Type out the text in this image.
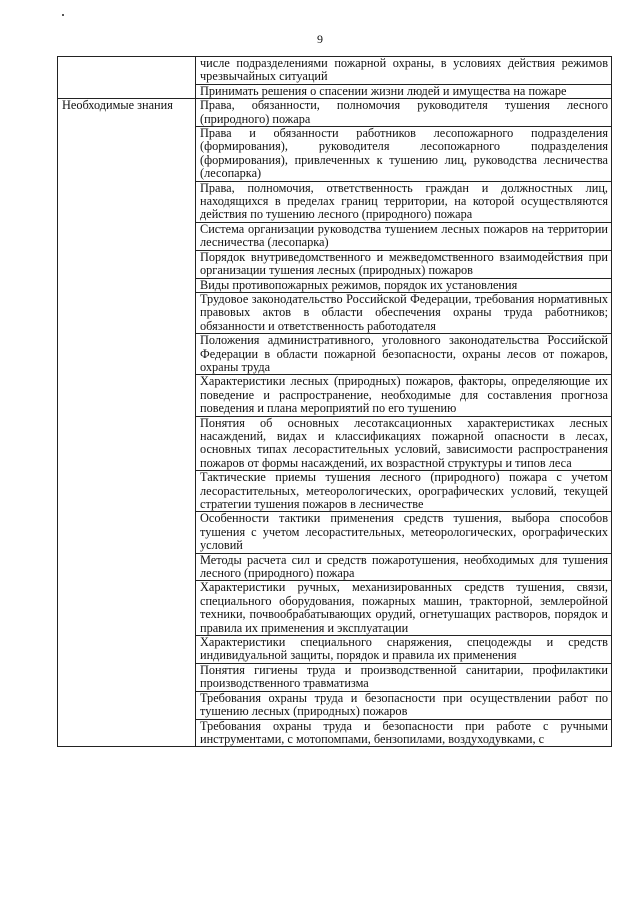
9
	числе подразделениями пожарной охраны, в условиях действия режимов чрезвычайных ситуаций
	Принимать решения о спасении жизни людей и имущества на пожаре
Необходимые знания	Права, обязанности, полномочия руководителя тушения лесного (природного) пожара
	Права и обязанности работников лесопожарного подразделения (формирования), руководителя лесопожарного подразделения (формирования), привлеченных к тушению лиц, руководства лесничества (лесопарка)
	Права, полномочия, ответственность граждан и должностных лиц, находящихся в пределах границ территории, на которой осуществляются действия по тушению лесного (природного) пожара
	Система организации руководства тушением лесных пожаров на территории лесничества (лесопарка)
	Порядок внутриведомственного и межведомственного взаимодействия при организации тушения лесных (природных) пожаров
	Виды противопожарных режимов, порядок их установления
	Трудовое законодательство Российской Федерации, требования нормативных правовых актов в области обеспечения охраны труда работников; обязанности и ответственность работодателя
	Положения административного, уголовного законодательства Российской Федерации в области пожарной безопасности, охраны лесов от пожаров, охраны труда
	Характеристики лесных (природных) пожаров, факторы, определяющие их поведение и распространение, необходимые для составления прогноза поведения и плана мероприятий по его тушению
	Понятия об основных лесотаксационных характеристиках лесных насаждений, видах и классификациях пожарной опасности в лесах, основных типах лесорастительных условий, зависимости распространения пожаров от формы насаждений, их возрастной структуры и типов леса
	Тактические приемы тушения лесного (природного) пожара с учетом лесорастительных, метеорологических, орографических условий, текущей стратегии тушения пожаров в лесничестве
	Особенности тактики применения средств тушения, выбора способов тушения с учетом лесорастительных, метеорологических, орографических условий
	Методы расчета сил и средств пожаротушения, необходимых для тушения лесного (природного) пожара
	Характеристики ручных, механизированных средств тушения, связи, специального оборудования, пожарных машин, тракторной, землеройной техники, почвообрабатывающих орудий, огнетушащих растворов, порядок и правила их применения и эксплуатации
	Характеристики специального снаряжения, спецодежды и средств индивидуальной защиты, порядок и правила их применения
	Понятия гигиены труда и производственной санитарии, профилактики производственного травматизма
	Требования охраны труда и безопасности при осуществлении работ по тушению лесных (природных) пожаров
	Требования охраны труда и безопасности при работе с ручными инструментами, с мотопомпами, бензопилами, воздуходувками, с
